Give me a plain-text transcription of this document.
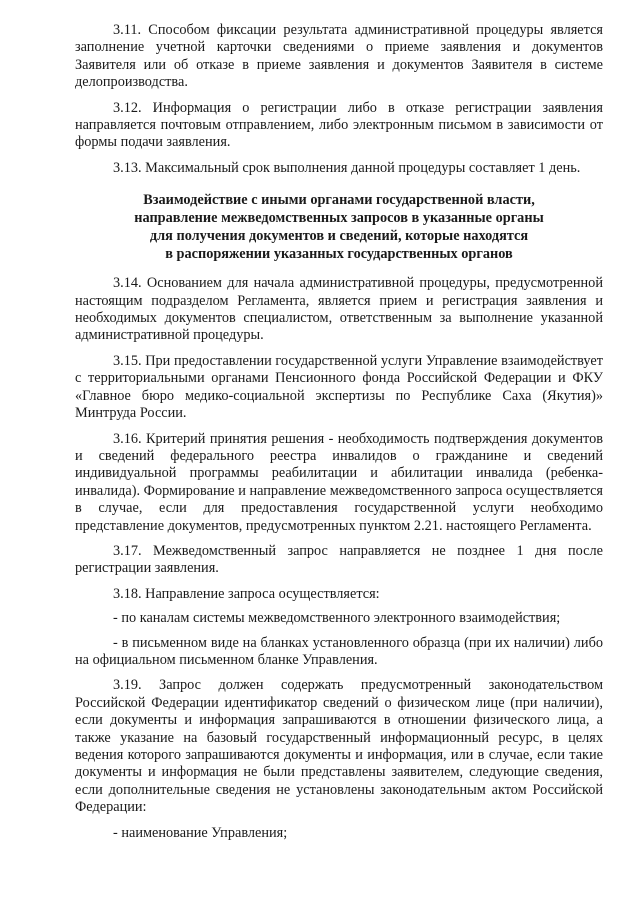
3.11. Способом фиксации результата административной процедуры является заполнение учетной карточки сведениями о приеме заявления и документов Заявителя или об отказе в приеме заявления и документов Заявителя в системе делопроизводства.

3.12. Информация о регистрации либо в отказе регистрации заявления направляется почтовым отправлением, либо электронным письмом в зависимости от формы подачи заявления.

3.13. Максимальный срок выполнения данной процедуры составляет 1 день.

Взаимодействие с иными органами государственной власти,
направление межведомственных запросов в указанные органы
для получения документов и сведений, которые находятся
в распоряжении указанных государственных органов

3.14. Основанием для начала административной процедуры, предусмотренной настоящим подразделом Регламента, является прием и регистрация заявления и необходимых документов специалистом, ответственным за выполнение указанной административной процедуры.

3.15. При предоставлении государственной услуги Управление взаимодействует с территориальными органами Пенсионного фонда Российской Федерации и ФКУ «Главное бюро медико-социальной экспертизы по Республике Саха (Якутия)» Минтруда России.

3.16. Критерий принятия решения - необходимость подтверждения документов и сведений федерального реестра инвалидов о гражданине и сведений индивидуальной программы реабилитации и абилитации инвалида (ребенка-инвалида). Формирование и направление межведомственного запроса осуществляется в случае, если для предоставления государственной услуги необходимо представление документов, предусмотренных пунктом 2.21. настоящего Регламента.

3.17. Межведомственный запрос направляется не позднее 1 дня после регистрации заявления.

3.18. Направление запроса осуществляется:

- по каналам системы межведомственного электронного взаимодействия;

- в письменном виде на бланках установленного образца (при их наличии) либо на официальном письменном бланке Управления.

3.19. Запрос должен содержать предусмотренный законодательством Российской Федерации идентификатор сведений о физическом лице (при наличии), если документы и информация запрашиваются в отношении физического лица, а также указание на базовый государственный информационный ресурс, в целях ведения которого запрашиваются документы и информация, или в случае, если такие документы и информация не были представлены заявителем, следующие сведения, если дополнительные сведения не установлены законодательным актом Российской Федерации:

- наименование Управления;
